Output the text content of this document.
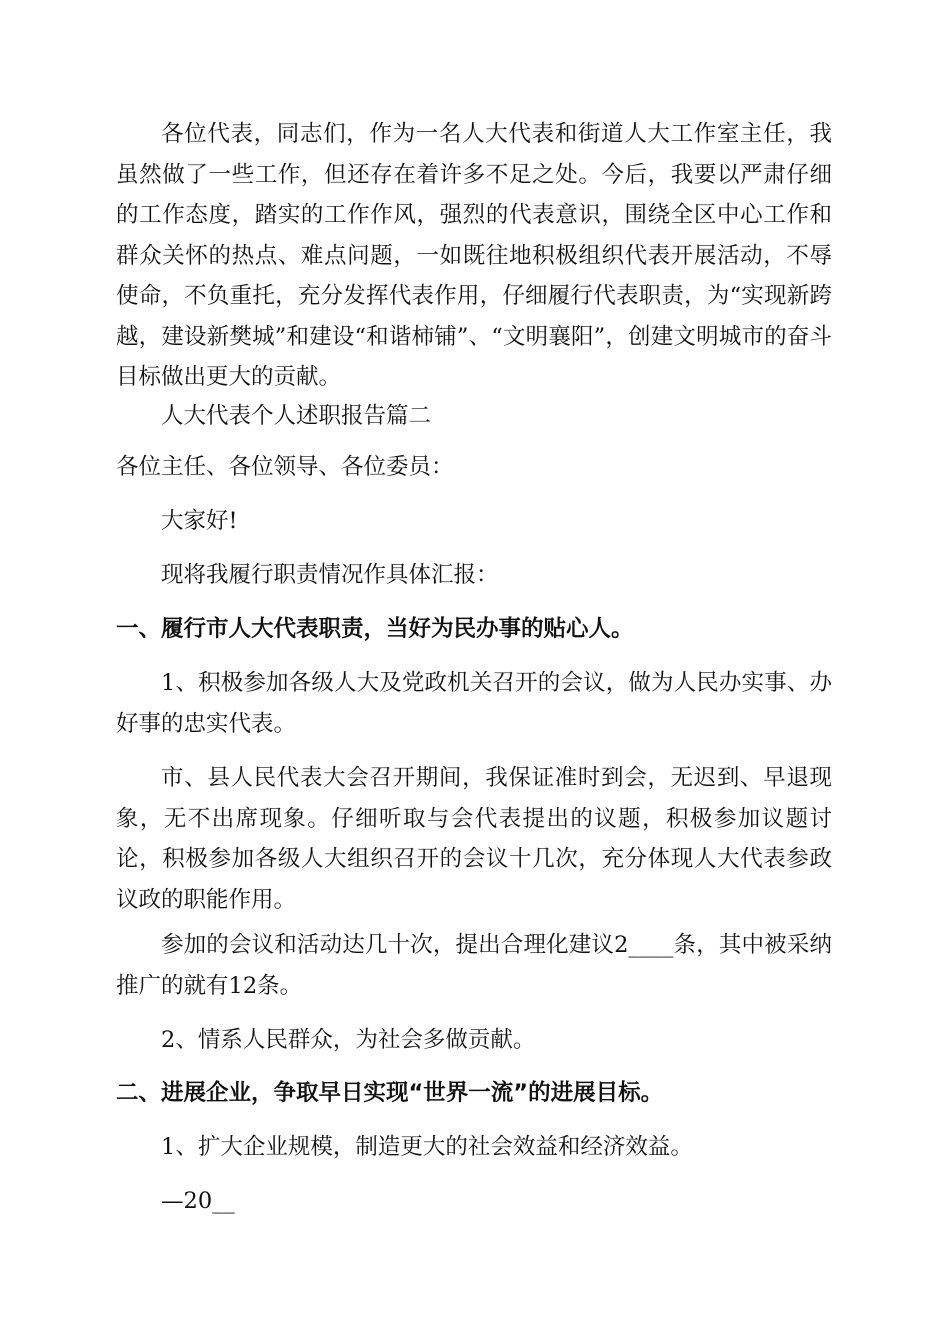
各位代表，同志们，作为一名人大代表和街道人大工作室主任，我虽然做了一些工作，但还存在着许多不足之处。今后，我要以严肃仔细的工作态度，踏实的工作作风，强烈的代表意识，围绕全区中心工作和群众关怀的热点、难点问题，一如既往地积极组织代表开展活动，不辱使命，不负重托，充分发挥代表作用，仔细履行代表职责，为“实现新跨越，建设新樊城”和建设“和谐柿铺”、“文明襄阳”，创建文明城市的奋斗目标做出更大的贡献。

人大代表个人述职报告篇二

各位主任、各位领导、各位委员：

大家好!

现将我履行职责情况作具体汇报：

一、履行市人大代表职责，当好为民办事的贴心人。

1、积极参加各级人大及党政机关召开的会议，做为人民办实事、办好事的忠实代表。

市、县人民代表大会召开期间，我保证准时到会，无迟到、早退现象，无不出席现象。仔细听取与会代表提出的议题，积极参加议题讨论，积极参加各级人大组织召开的会议十几次，充分体现人大代表参政议政的职能作用。

参加的会议和活动达几十次，提出合理化建议2____条，其中被采纳推广的就有12条。

2、情系人民群众，为社会多做贡献。

二、进展企业，争取早日实现“世界一流”的进展目标。

1、扩大企业规模，制造更大的社会效益和经济效益。

—20__
